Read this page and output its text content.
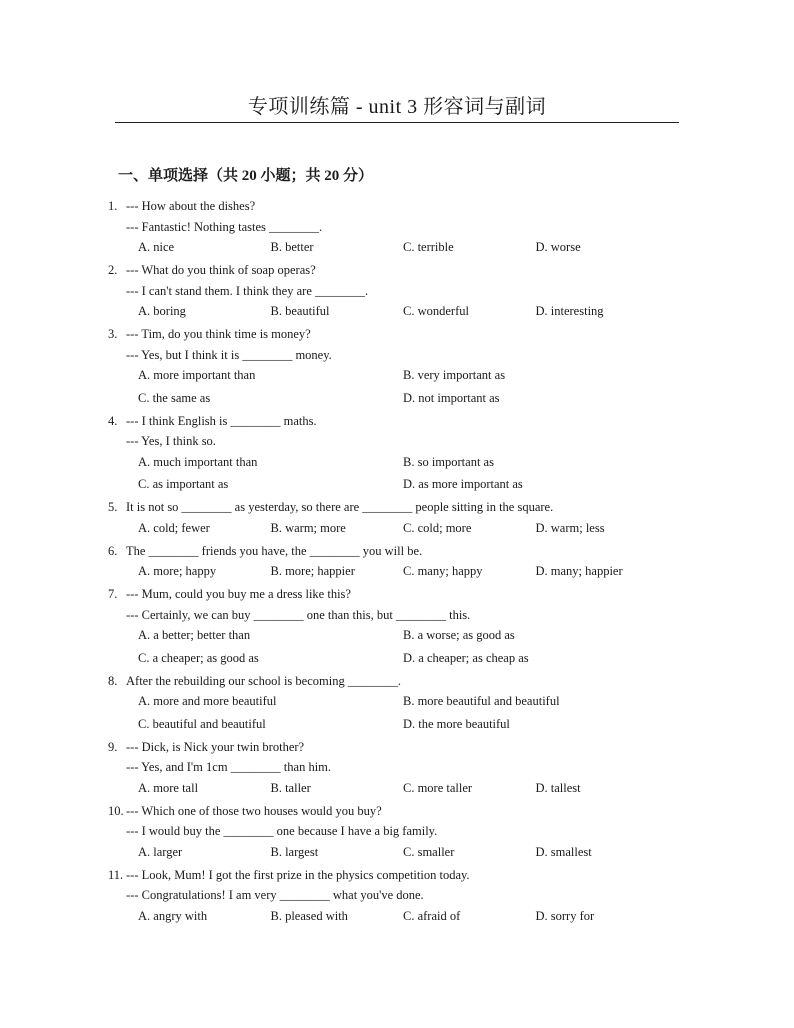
专项训练篇 - unit 3 形容词与副词
一、单项选择（共 20 小题；共 20 分）
1. --- How about the dishes?
--- Fantastic! Nothing tastes ________.
A. nice	B. better	C. terrible	D. worse
2. --- What do you think of soap operas?
--- I can't stand them. I think they are ________.
A. boring	B. beautiful	C. wonderful	D. interesting
3. --- Tim, do you think time is money?
--- Yes, but I think it is ________ money.
A. more important than	B. very important as
C. the same as	D. not important as
4. --- I think English is ________ maths.
--- Yes, I think so.
A. much important than	B. so important as
C. as important as	D. as more important as
5. It is not so ________ as yesterday, so there are ________ people sitting in the square.
A. cold; fewer	B. warm; more	C. cold; more	D. warm; less
6. The ________ friends you have, the ________ you will be.
A. more; happy	B. more; happier	C. many; happy	D. many; happier
7. --- Mum, could you buy me a dress like this?
--- Certainly, we can buy ________ one than this, but ________ this.
A. a better; better than	B. a worse; as good as
C. a cheaper; as good as	D. a cheaper; as cheap as
8. After the rebuilding our school is becoming ________.
A. more and more beautiful	B. more beautiful and beautiful
C. beautiful and beautiful	D. the more beautiful
9. --- Dick, is Nick your twin brother?
--- Yes, and I'm 1cm ________ than him.
A. more tall	B. taller	C. more taller	D. tallest
10. --- Which one of those two houses would you buy?
--- I would buy the ________ one because I have a big family.
A. larger	B. largest	C. smaller	D. smallest
11. --- Look, Mum! I got the first prize in the physics competition today.
--- Congratulations! I am very ________ what you've done.
A. angry with	B. pleased with	C. afraid of	D. sorry for
